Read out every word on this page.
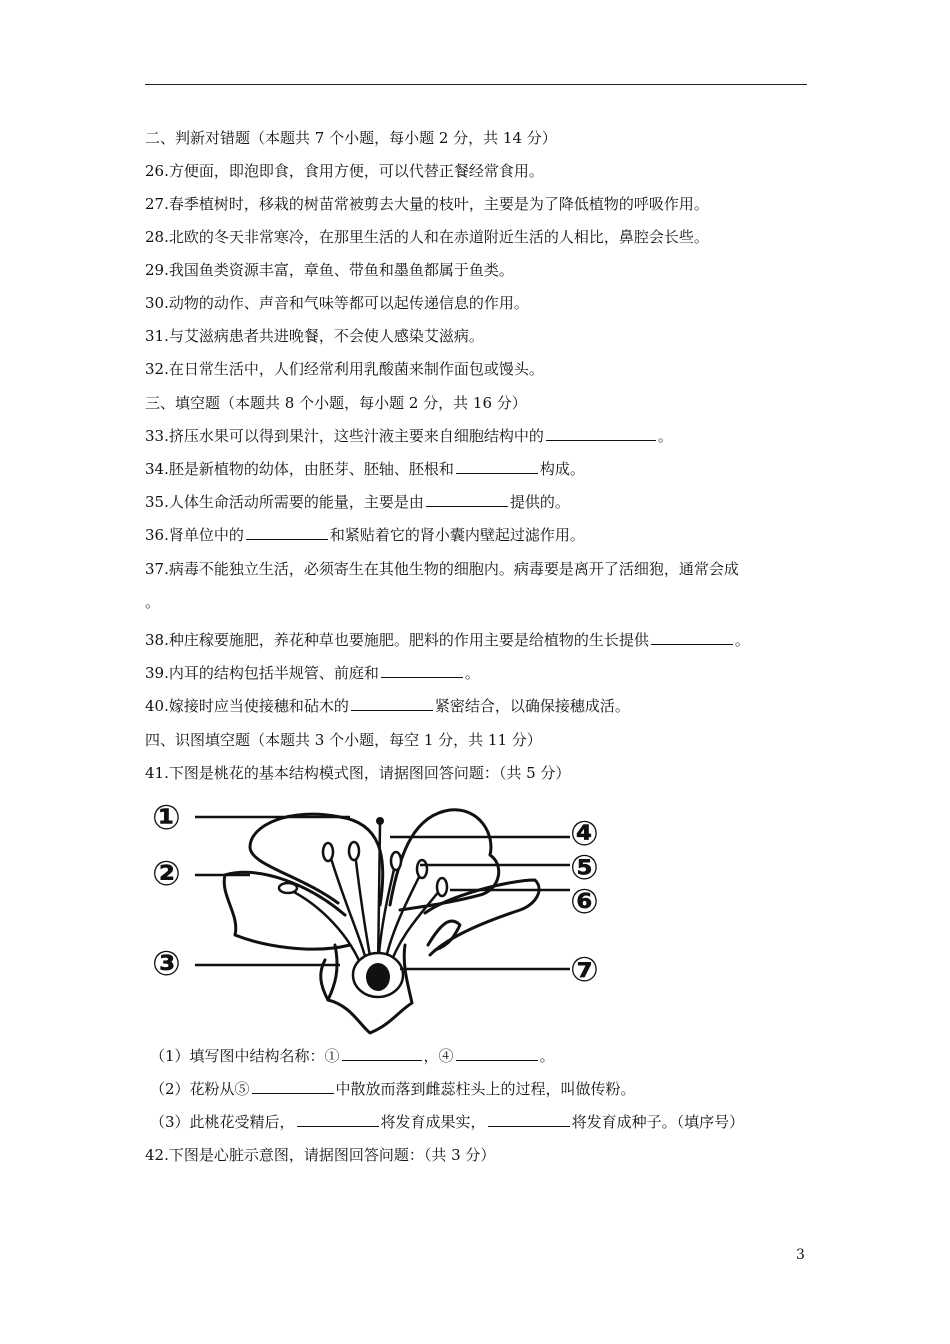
二、判新对错题（本题共 7 个小题，每小题 2 分，共 14 分）
26.方便面，即泡即食，食用方便，可以代替正餐经常食用。
27.春季植树时，移栽的树苗常被剪去大量的枝叶，主要是为了降低植物的呼吸作用。
28.北欧的冬天非常寒冷，在那里生活的人和在赤道附近生活的人相比，鼻腔会长些。
29.我国鱼类资源丰富，章鱼、带鱼和墨鱼都属于鱼类。
30.动物的动作、声音和气味等都可以起传递信息的作用。
31.与艾滋病患者共进晚餐，不会使人感染艾滋病。
32.在日常生活中，人们经常利用乳酸菌来制作面包或馒头。
三、填空题（本题共 8 个小题，每小题 2 分，共 16 分）
33.挤压水果可以得到果汁，这些汁液主要来自细胞结构中的	。
34.胚是新植物的幼体，由胚芽、胚轴、胚根和	构成。
35.人体生命活动所需要的能量，主要是由	提供的。
36.肾单位中的	和紧贴着它的肾小囊内壁起过滤作用。
37.病毒不能独立生活，必须寄生在其他生物的细胞内。病毒要是离开了活细狍，通常会成
。
38.种庄稼要施肥，养花种草也要施肥。肥料的作用主要是给植物的生长提供	。
39.内耳的结构包括半规管、前庭和	。
40.嫁接时应当使接穗和砧木的	紧密结合，以确保接穗成活。
四、识图填空题（本题共 3 个小题，每空 1 分，共 11 分）
41.下图是桃花的基本结构模式图，请据图回答问题：（共 5 分）
①
②
③
④
⑤
⑥
⑦
（1）填写图中结构名称：①	，④	。
（2）花粉从⑤	中散放而落到雌蕊柱头上的过程，叫做传粉。
（3）此桃花受精后，	将发育成果实，	将发育成种子。（填序号）
42.下图是心脏示意图，请据图回答问题：（共 3 分）
3
